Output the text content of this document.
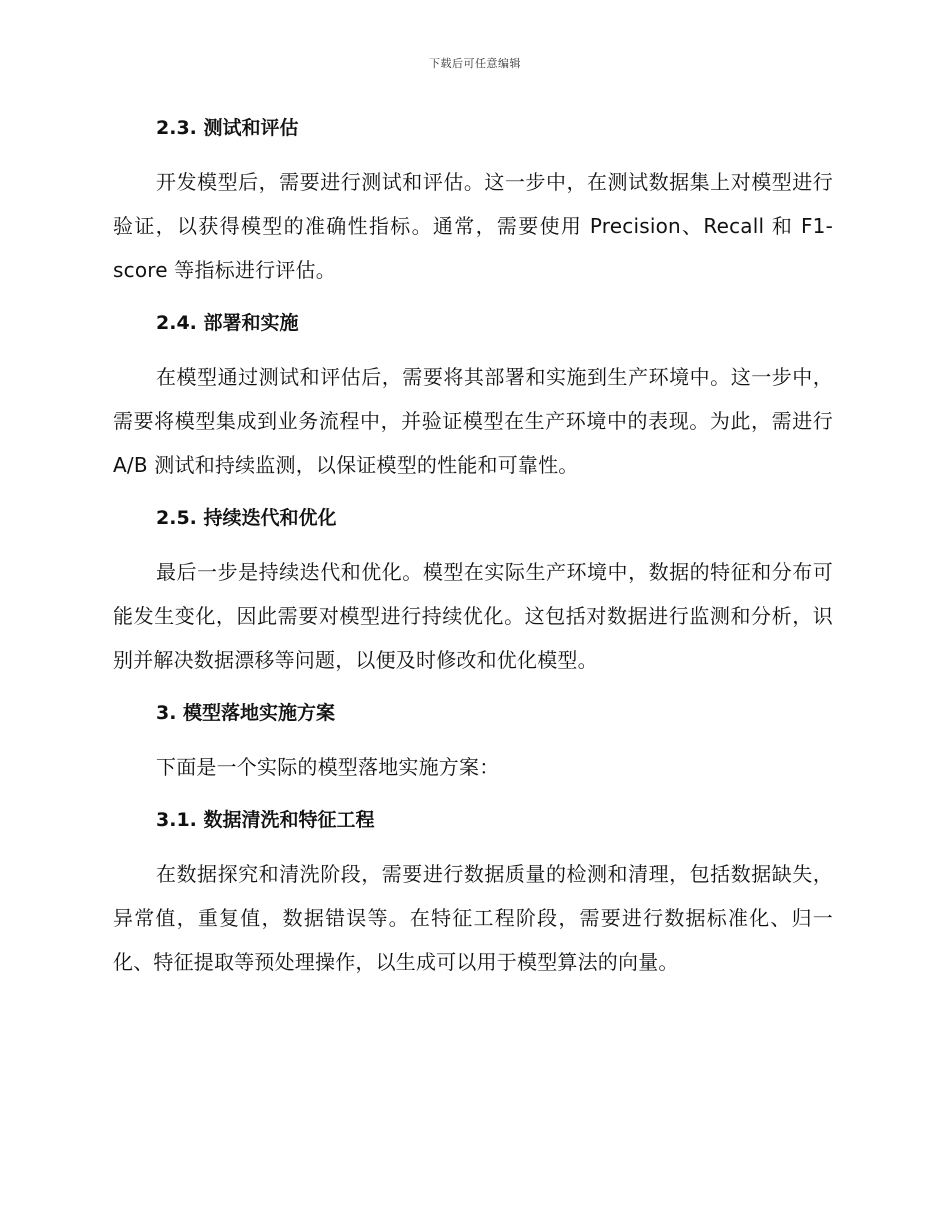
下载后可任意编辑
2.3. 测试和评估

开发模型后，需要进行测试和评估。这一步中，在测试数据集上对模型进行验证，以获得模型的准确性指标。通常，需要使用 Precision、Recall 和 F1-score 等指标进行评估。

2.4. 部署和实施

在模型通过测试和评估后，需要将其部署和实施到生产环境中。这一步中，需要将模型集成到业务流程中，并验证模型在生产环境中的表现。为此，需进行 A/B 测试和持续监测，以保证模型的性能和可靠性。

2.5. 持续迭代和优化

最后一步是持续迭代和优化。模型在实际生产环境中，数据的特征和分布可能发生变化，因此需要对模型进行持续优化。这包括对数据进行监测和分析，识别并解决数据漂移等问题，以便及时修改和优化模型。

3. 模型落地实施方案

下面是一个实际的模型落地实施方案：

3.1. 数据清洗和特征工程

在数据探究和清洗阶段，需要进行数据质量的检测和清理，包括数据缺失，异常值，重复值，数据错误等。在特征工程阶段，需要进行数据标准化、归一化、特征提取等预处理操作，以生成可以用于模型算法的向量。
